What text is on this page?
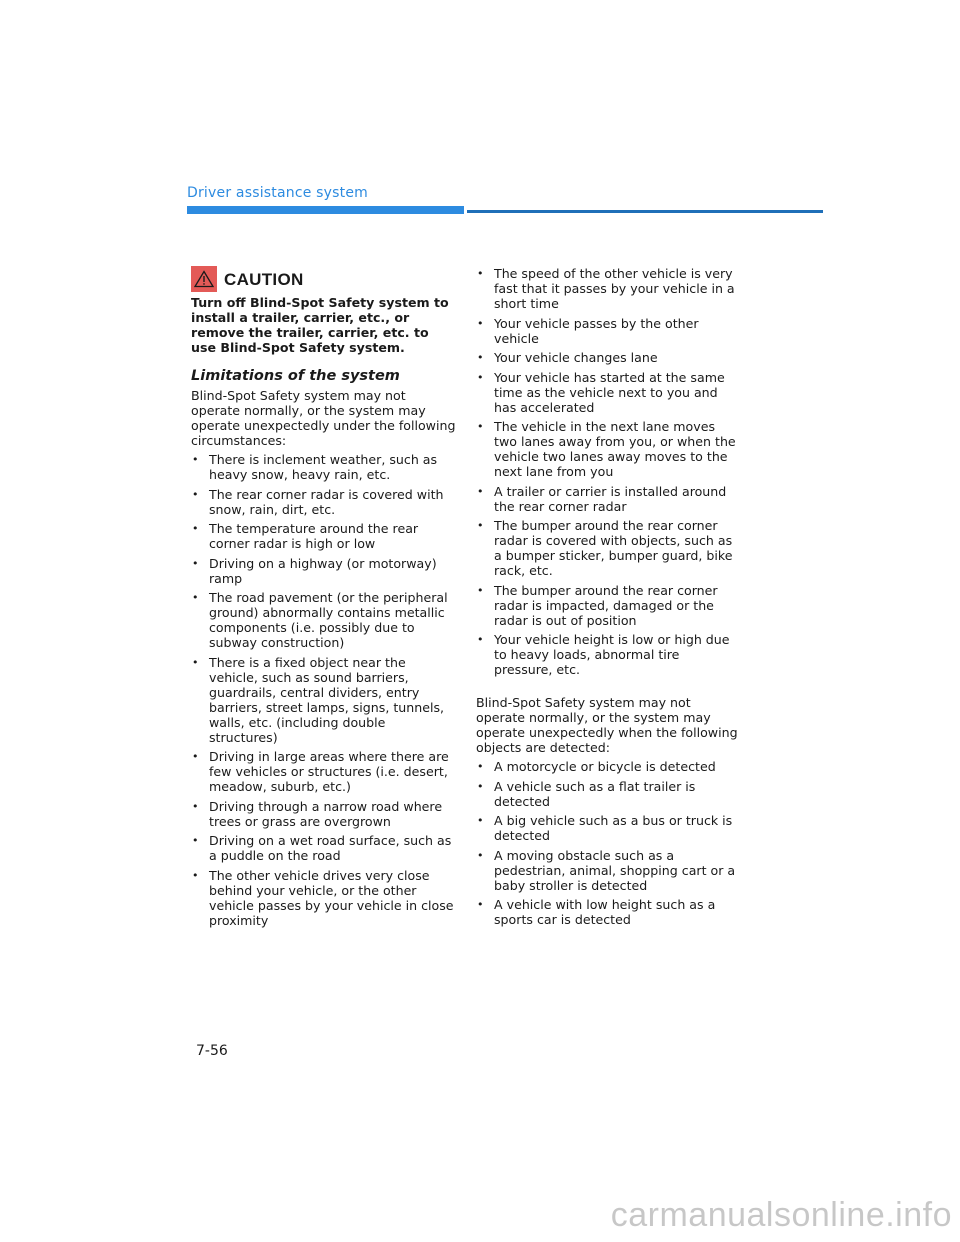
Driver assistance system
CAUTION

Turn off Blind-Spot Safety system to install a trailer, carrier, etc., or remove the trailer, carrier, etc. to use Blind-Spot Safety system.

Limitations of the system

Blind-Spot Safety system may not operate normally, or the system may operate unexpectedly under the following circumstances:

• There is inclement weather, such as heavy snow, heavy rain, etc.
• The rear corner radar is covered with snow, rain, dirt, etc.
• The temperature around the rear corner radar is high or low
• Driving on a highway (or motorway) ramp
• The road pavement (or the peripheral ground) abnormally contains metallic components (i.e. possibly due to subway construction)
• There is a fixed object near the vehicle, such as sound barriers, guardrails, central dividers, entry barriers, street lamps, signs, tunnels, walls, etc. (including double structures)
• Driving in large areas where there are few vehicles or structures (i.e. desert, meadow, suburb, etc.)
• Driving through a narrow road where trees or grass are overgrown
• Driving on a wet road surface, such as a puddle on the road
• The other vehicle drives very close behind your vehicle, or the other vehicle passes by your vehicle in close proximity
• The speed of the other vehicle is very fast that it passes by your vehicle in a short time
• Your vehicle passes by the other vehicle
• Your vehicle changes lane
• Your vehicle has started at the same time as the vehicle next to you and has accelerated
• The vehicle in the next lane moves two lanes away from you, or when the vehicle two lanes away moves to the next lane from you
• A trailer or carrier is installed around the rear corner radar
• The bumper around the rear corner radar is covered with objects, such as a bumper sticker, bumper guard, bike rack, etc.
• The bumper around the rear corner radar is impacted, damaged or the radar is out of position
• Your vehicle height is low or high due to heavy loads, abnormal tire pressure, etc.

Blind-Spot Safety system may not operate normally, or the system may operate unexpectedly when the following objects are detected:

• A motorcycle or bicycle is detected
• A vehicle such as a flat trailer is detected
• A big vehicle such as a bus or truck is detected
• A moving obstacle such as a pedestrian, animal, shopping cart or a baby stroller is detected
• A vehicle with low height such as a sports car is detected
7-56
carmanualsonline.info
